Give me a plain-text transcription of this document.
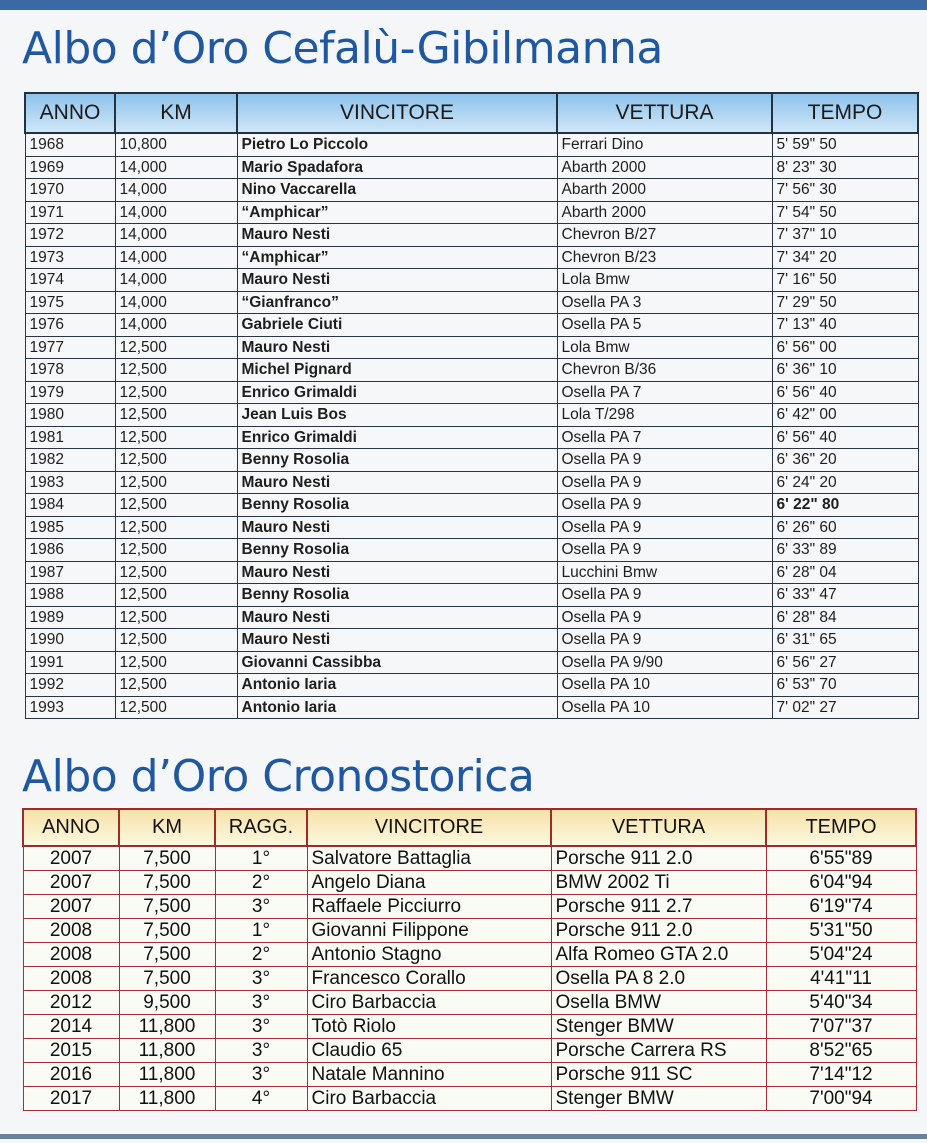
Albo d’Oro Cefalù-Gibilmanna
ANNO	KM	VINCITORE	VETTURA	TEMPO
1968	10,800	Pietro Lo Piccolo	Ferrari Dino	5' 59" 50
1969	14,000	Mario Spadafora	Abarth 2000	8' 23" 30
1970	14,000	Nino Vaccarella	Abarth 2000	7' 56" 30
1971	14,000	“Amphicar”	Abarth 2000	7' 54" 50
1972	14,000	Mauro Nesti	Chevron B/27	7' 37" 10
1973	14,000	“Amphicar”	Chevron B/23	7' 34" 20
1974	14,000	Mauro Nesti	Lola Bmw	7' 16" 50
1975	14,000	“Gianfranco”	Osella PA 3	7' 29" 50
1976	14,000	Gabriele Ciuti	Osella PA 5	7' 13" 40
1977	12,500	Mauro Nesti	Lola Bmw	6' 56" 00
1978	12,500	Michel Pignard	Chevron B/36	6' 36" 10
1979	12,500	Enrico Grimaldi	Osella PA 7	6' 56" 40
1980	12,500	Jean Luis Bos	Lola T/298	6' 42" 00
1981	12,500	Enrico Grimaldi	Osella PA 7	6' 56" 40
1982	12,500	Benny Rosolia	Osella PA 9	6' 36" 20
1983	12,500	Mauro Nesti	Osella PA 9	6' 24" 20
1984	12,500	Benny Rosolia	Osella PA 9	6' 22" 80
1985	12,500	Mauro Nesti	Osella PA 9	6' 26" 60
1986	12,500	Benny Rosolia	Osella PA 9	6' 33" 89
1987	12,500	Mauro Nesti	Lucchini Bmw	6' 28" 04
1988	12,500	Benny Rosolia	Osella PA 9	6' 33" 47
1989	12,500	Mauro Nesti	Osella PA 9	6' 28" 84
1990	12,500	Mauro Nesti	Osella PA 9	6' 31" 65
1991	12,500	Giovanni Cassibba	Osella PA 9/90	6' 56" 27
1992	12,500	Antonio Iaria	Osella PA 10	6' 53" 70
1993	12,500	Antonio Iaria	Osella PA 10	7' 02" 27
Albo d’Oro Cronostorica
ANNO	KM	RAGG.	VINCITORE	VETTURA	TEMPO
2007	7,500	1°	Salvatore Battaglia	Porsche 911 2.0	6'55"89
2007	7,500	2°	Angelo Diana	BMW 2002 Ti	6'04"94
2007	7,500	3°	Raffaele Picciurro	Porsche 911 2.7	6'19"74
2008	7,500	1°	Giovanni Filippone	Porsche 911 2.0	5'31"50
2008	7,500	2°	Antonio Stagno	Alfa Romeo GTA 2.0	5'04"24
2008	7,500	3°	Francesco Corallo	Osella PA 8 2.0	4'41"11
2012	9,500	3°	Ciro Barbaccia	Osella BMW	5'40"34
2014	11,800	3°	Totò Riolo	Stenger BMW	7'07"37
2015	11,800	3°	Claudio 65	Porsche Carrera RS	8'52"65
2016	11,800	3°	Natale Mannino	Porsche 911 SC	7'14"12
2017	11,800	4°	Ciro Barbaccia	Stenger BMW	7'00"94
